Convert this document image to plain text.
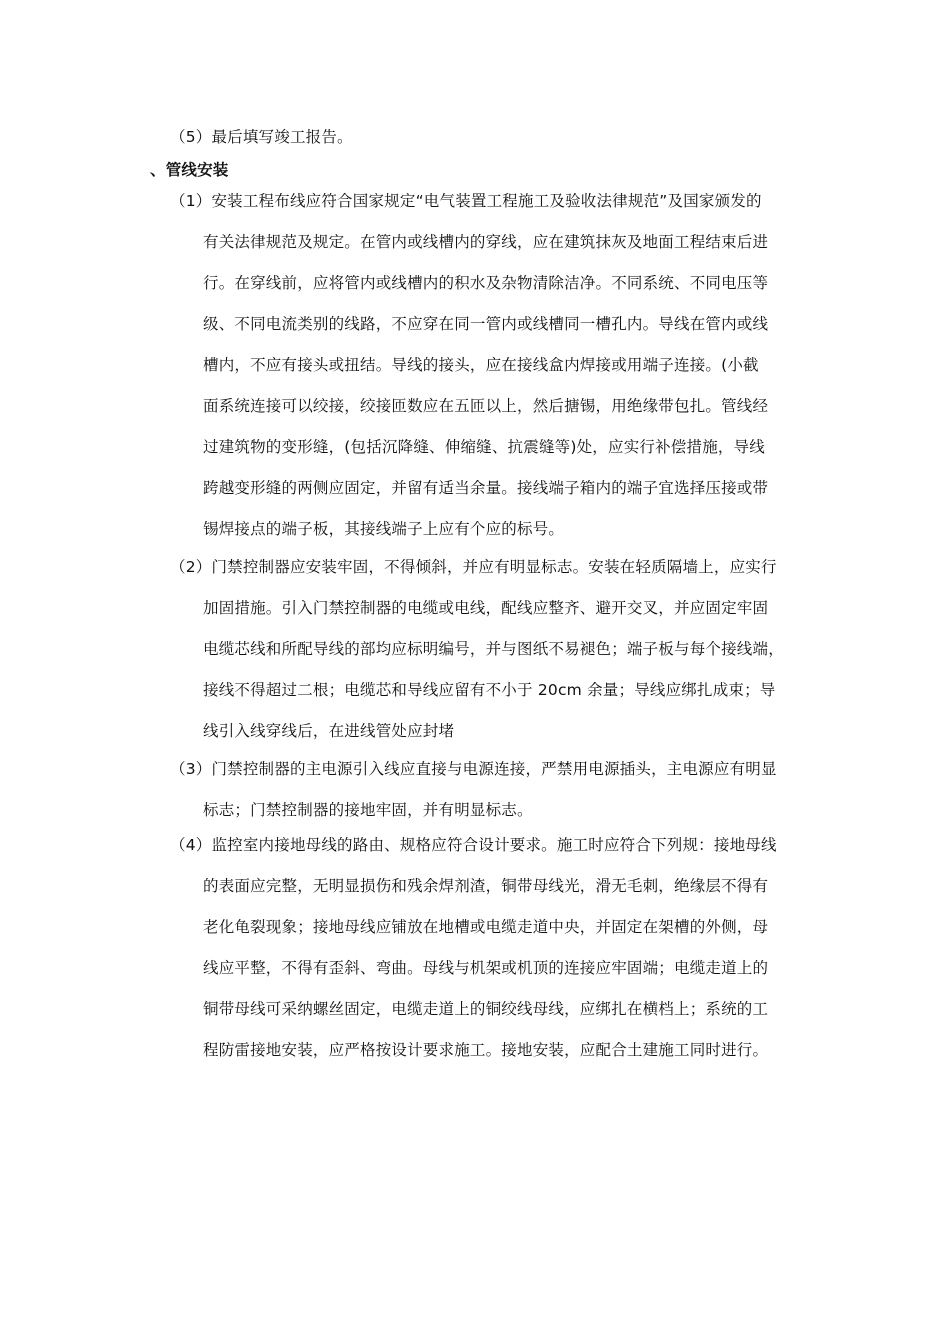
（5）最后填写竣工报告。
、管线安装
（1）安装工程布线应符合国家规定“电气装置工程施工及验收法律规范”及国家颁发的
有关法律规范及规定。在管内或线槽内的穿线，应在建筑抹灰及地面工程结束后进
行。在穿线前，应将管内或线槽内的积水及杂物清除洁净。不同系统、不同电压等
级、不同电流类别的线路，不应穿在同一管内或线槽同一槽孔内。导线在管内或线
槽内，不应有接头或扭结。导线的接头，应在接线盒内焊接或用端子连接。(小截
面系统连接可以绞接，绞接匝数应在五匝以上，然后搪锡，用绝缘带包扎。管线经
过建筑物的变形缝，(包括沉降缝、伸缩缝、抗震缝等)处，应实行补偿措施，导线
跨越变形缝的两侧应固定，并留有适当余量。接线端子箱内的端子宜选择压接或带
锡焊接点的端子板，其接线端子上应有个应的标号。
（2）门禁控制器应安装牢固，不得倾斜，并应有明显标志。安装在轻质隔墙上，应实行
加固措施。引入门禁控制器的电缆或电线，配线应整齐、避开交叉，并应固定牢固
电缆芯线和所配导线的部均应标明编号，并与图纸不易褪色；端子板与每个接线端，
接线不得超过二根；电缆芯和导线应留有不小于 20cm 余量；导线应绑扎成束；导
线引入线穿线后，在进线管处应封堵
（3）门禁控制器的主电源引入线应直接与电源连接，严禁用电源插头，主电源应有明显
标志；门禁控制器的接地牢固，并有明显标志。
（4）监控室内接地母线的路由、规格应符合设计要求。施工时应符合下列规：接地母线
的表面应完整，无明显损伤和残余焊剂渣，铜带母线光，滑无毛刺，绝缘层不得有
老化龟裂现象；接地母线应铺放在地槽或电缆走道中央，并固定在架槽的外侧，母
线应平整，不得有歪斜、弯曲。母线与机架或机顶的连接应牢固端；电缆走道上的
铜带母线可采纳螺丝固定，电缆走道上的铜绞线母线，应绑扎在横档上；系统的工
程防雷接地安装，应严格按设计要求施工。接地安装，应配合土建施工同时进行。
